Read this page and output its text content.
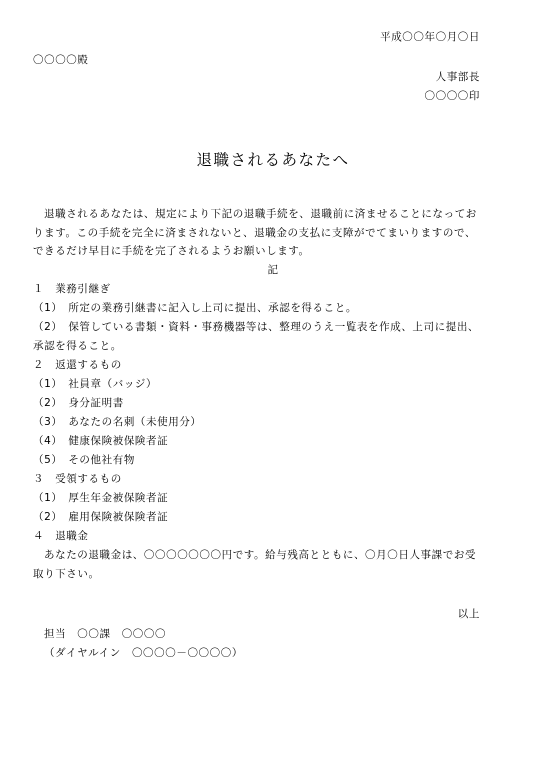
平成〇〇年〇月〇日
〇〇〇〇殿
人事部長
〇〇〇〇印
退職されるあなたへ
退職されるあなたは、規定により下記の退職手続を、退職前に済ませることになってお
ります。この手続を完全に済まされないと、退職金の支払に支障がでてまいりますので、
できるだけ早目に手続を完了されるようお願いします。
記
１　業務引継ぎ
（1）　所定の業務引継書に記入し上司に提出、承認を得ること。
（2）　保管している書類・資料・事務機器等は、整理のうえ一覧表を作成、上司に提出、
承認を得ること。
２　返還するもの
（1）　社員章（バッジ）
（2）　身分証明書
（3）　あなたの名刺（未使用分）
（4）　健康保険被保険者証
（5）　その他社有物
３　受領するもの
（1）　厚生年金被保険者証
（2）　雇用保険被保険者証
４　退職金
あなたの退職金は、〇〇〇〇〇〇〇円です。給与残高とともに、〇月〇日人事課でお受
取り下さい。
以上
担当　〇〇課　〇〇〇〇
（ダイヤルイン　〇〇〇〇－〇〇〇〇）
